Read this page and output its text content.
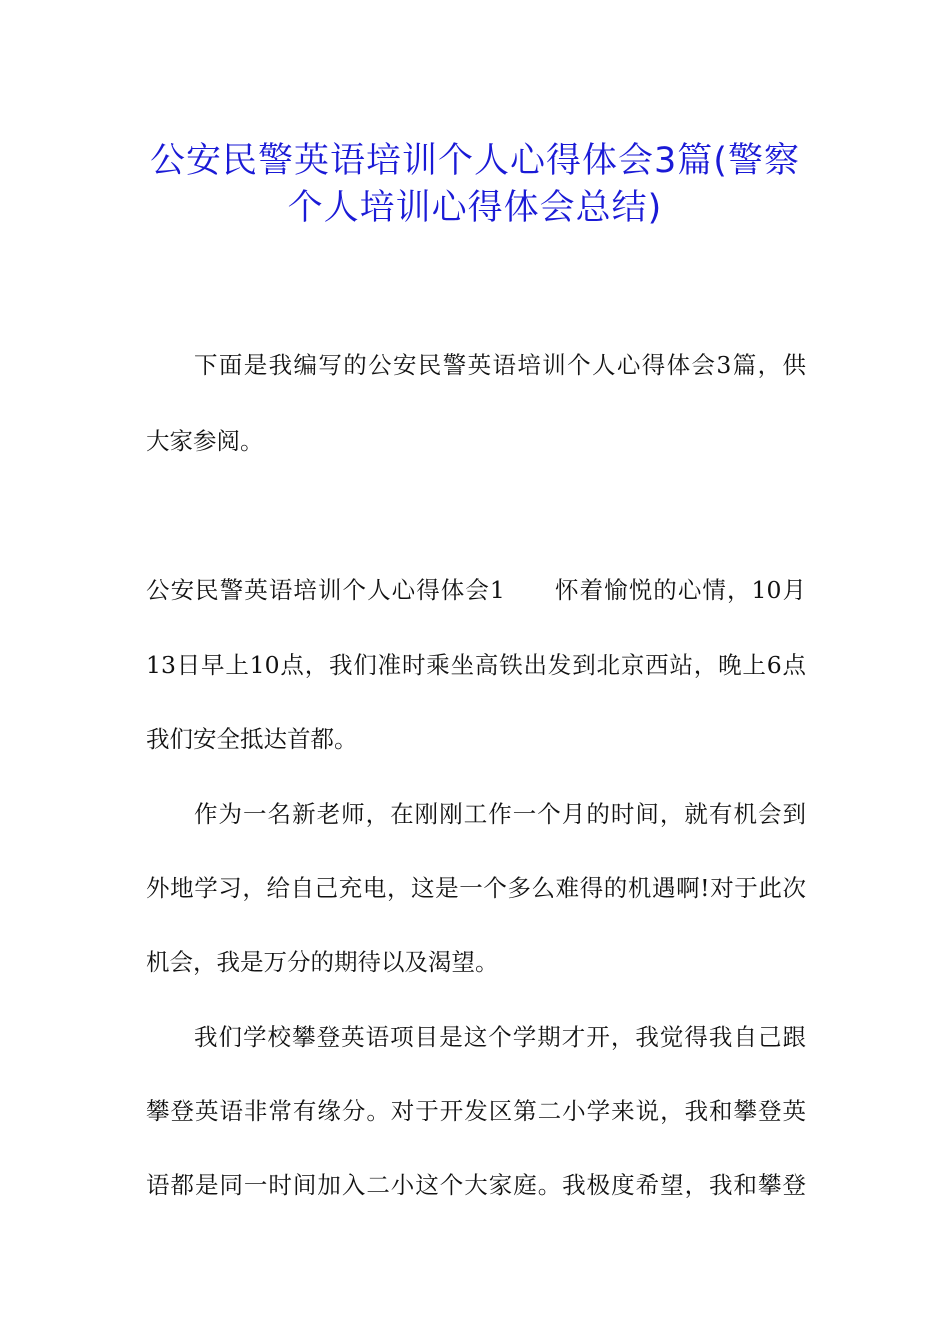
公安民警英语培训个人心得体会3篇(警察
个人培训心得体会总结)
下面是我编写的公安民警英语培训个人心得体会3篇，供
大家参阅。
公安民警英语培训个人心得体会1　　怀着愉悦的心情，10月
13日早上10点，我们准时乘坐高铁出发到北京西站，晚上6点
我们安全抵达首都。
作为一名新老师，在刚刚工作一个月的时间，就有机会到
外地学习，给自己充电，这是一个多么难得的机遇啊!对于此次
机会，我是万分的期待以及渴望。
我们学校攀登英语项目是这个学期才开，我觉得我自己跟
攀登英语非常有缘分。对于开发区第二小学来说，我和攀登英
语都是同一时间加入二小这个大家庭。我极度希望，我和攀登
